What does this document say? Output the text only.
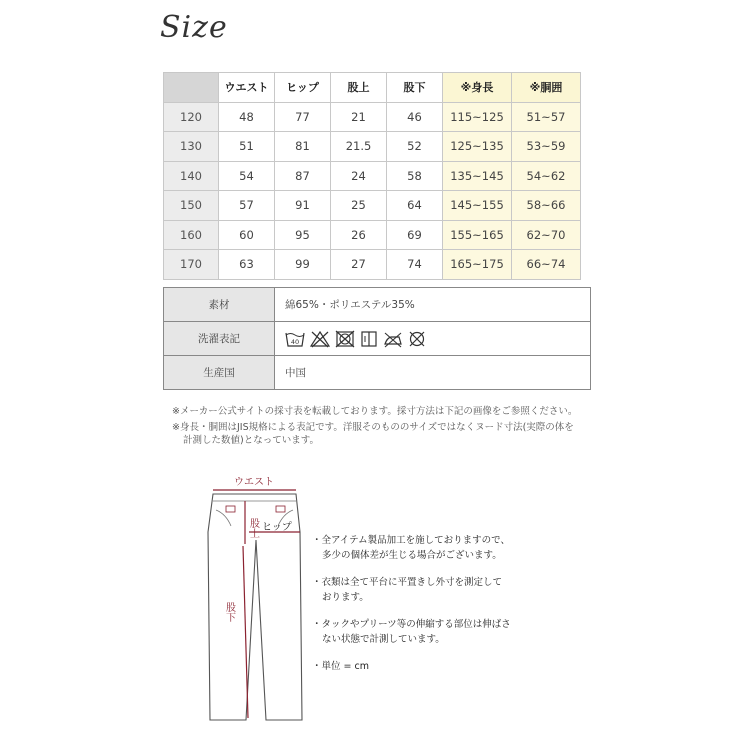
Size
	ウエスト	ヒップ	股上	股下	※身長	※胴囲
120	48	77	21	46	115~125	51~57
130	51	81	21.5	52	125~135	53~59
140	54	87	24	58	135~145	54~62
150	57	91	25	64	145~155	58~66
160	60	95	26	69	155~165	62~70
170	63	99	27	74	165~175	66~74
素材	綿65%・ポリエステル35%
洗濯表記	40

生産国	中国

※メーカー公式サイトの採寸表を転載しております。採寸方法は下記の画像をご参照ください。

※身長・胴囲はJIS規格による表記です。洋服そのもののサイズではなくヌード寸法(実際の体を

計測した数値)となっています。

ウエスト
股上 ヒップ
股下
・全アイテム製品加工を施しておりますので、
多少の個体差が生じる場合がございます。
・衣類は全て平台に平置きし外寸を測定して
おります。
・タックやプリーツ等の伸縮する部位は伸ばさ
ない状態で計測しています。
・単位 = cm
